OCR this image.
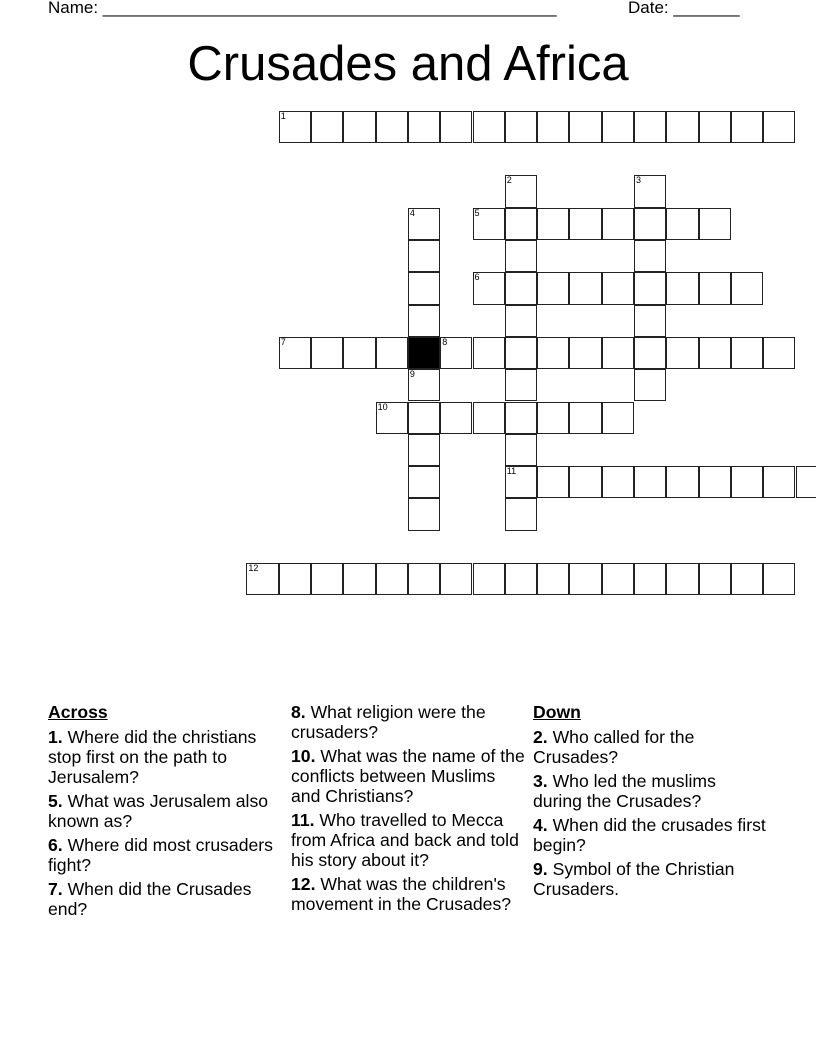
Name: ________________________________________________	Date: _______
Crusades and Africa
1
2	3
4	5
6
7	8
9
10
11
12
Across
1. Where did the christians stop first on the path to Jerusalem?
5. What was Jerusalem also known as?
6. Where did most crusaders fight?
7. When did the Crusades end?
8. What religion were the crusaders?
10. What was the name of the conflicts between Muslims and Christians?
11. Who travelled to Mecca from Africa and back and told his story about it?
12. What was the children's movement in the Crusades?
Down
2. Who called for the Crusades?
3. Who led the muslims during the Crusades?
4. When did the crusades first begin?
9. Symbol of the Christian Crusaders.
